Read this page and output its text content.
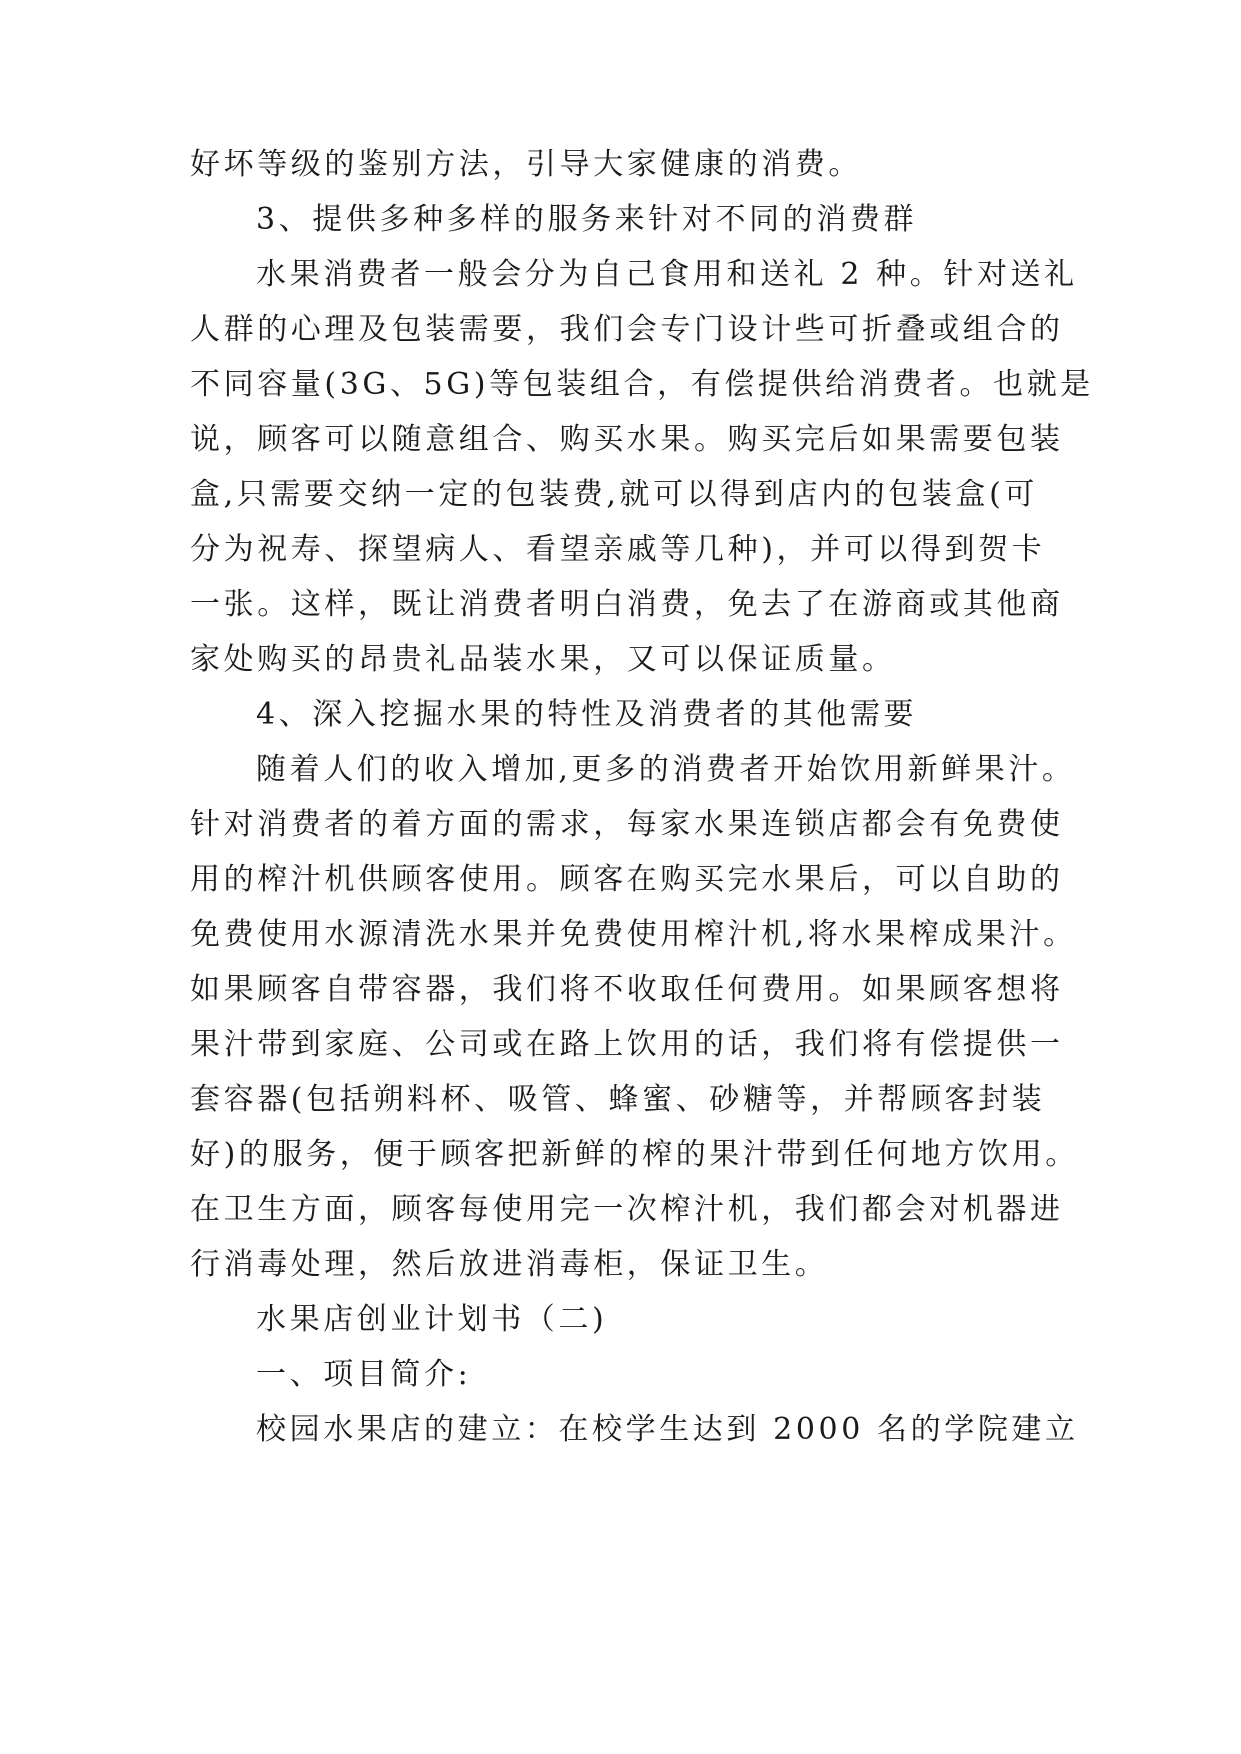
好坏等级的鉴别方法，引导大家健康的消费。
3、提供多种多样的服务来针对不同的消费群
水果消费者一般会分为自己食用和送礼 2 种。针对送礼
人群的心理及包装需要，我们会专门设计些可折叠或组合的
不同容量(3G、5G)等包装组合，有偿提供给消费者。也就是
说，顾客可以随意组合、购买水果。购买完后如果需要包装
盒,只需要交纳一定的包装费,就可以得到店内的包装盒(可
分为祝寿、探望病人、看望亲戚等几种)，并可以得到贺卡
一张。这样，既让消费者明白消费，免去了在游商或其他商
家处购买的昂贵礼品装水果，又可以保证质量。
4、深入挖掘水果的特性及消费者的其他需要
随着人们的收入增加,更多的消费者开始饮用新鲜果汁。
针对消费者的着方面的需求，每家水果连锁店都会有免费使
用的榨汁机供顾客使用。顾客在购买完水果后，可以自助的
免费使用水源清洗水果并免费使用榨汁机,将水果榨成果汁。
如果顾客自带容器，我们将不收取任何费用。如果顾客想将
果汁带到家庭、公司或在路上饮用的话，我们将有偿提供一
套容器(包括朔料杯、吸管、蜂蜜、砂糖等，并帮顾客封装
好)的服务，便于顾客把新鲜的榨的果汁带到任何地方饮用。
在卫生方面，顾客每使用完一次榨汁机，我们都会对机器进
行消毒处理，然后放进消毒柜，保证卫生。
水果店创业计划书（二)
一、项目简介:
校园水果店的建立：在校学生达到 2000 名的学院建立
